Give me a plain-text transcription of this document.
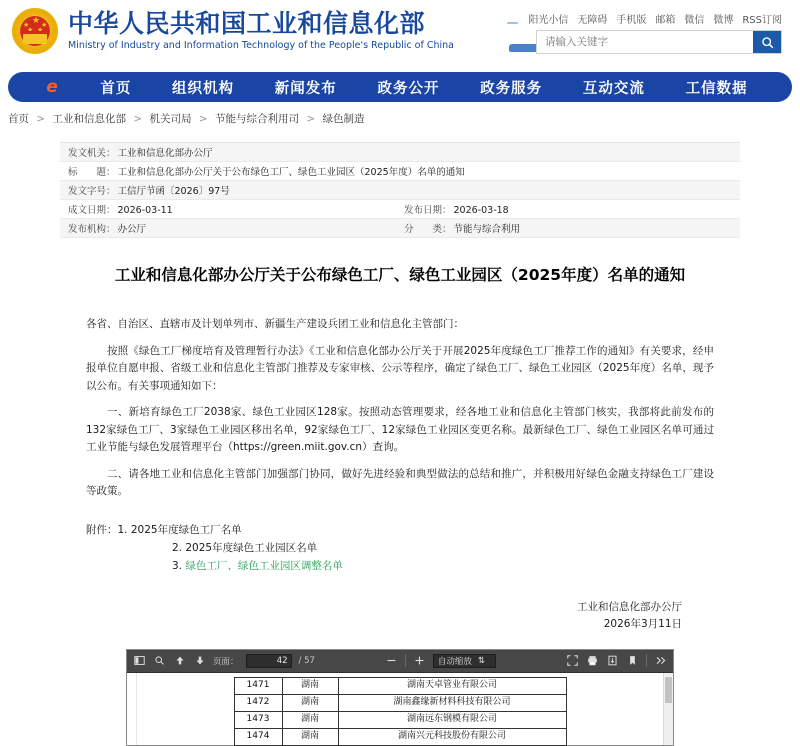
★
★ ★ 中华人民共和国工业和信息化部
Ministry of Industry and Information Technology of the People's Republic of China
阳光小信 无障碍 手机版 邮箱 微信 微博 RSS订阅
请输入关键字
e	首页	组织机构	新闻发布	政务公开	政务服务	互动交流	工信数据
首页 > 工业和信息化部 > 机关司局 > 节能与综合利用司 > 绿色制造
发文机关： 工业和信息化部办公厅
标　　题： 工业和信息化部办公厅关于公布绿色工厂、绿色工业园区（2025年度）名单的通知
发文字号： 工信厅节函〔2026〕97号
成文日期： 2026-03-11	发布日期： 2026-03-18
发布机构： 办公厅	分　　类： 节能与综合利用
工业和信息化部办公厅关于公布绿色工厂、绿色工业园区（2025年度）名单的通知

各省、自治区、直辖市及计划单列市、新疆生产建设兵团工业和信息化主管部门：

按照《绿色工厂梯度培育及管理暂行办法》《工业和信息化部办公厅关于开展2025年度绿色工厂推荐工作的通知》有关要求，经申报单位自愿申报、省级工业和信息化主管部门推荐及专家审核、公示等程序，确定了绿色工厂、绿色工业园区（2025年度）名单，现予以公布。有关事项通知如下：

一、新培育绿色工厂2038家、绿色工业园区128家。按照动态管理要求，经各地工业和信息化主管部门核实，我部将此前发布的132家绿色工厂、3家绿色工业园区移出名单，92家绿色工厂、12家绿色工业园区变更名称。最新绿色工厂、绿色工业园区名单可通过工业节能与绿色发展管理平台（https://green.miit.gov.cn）查询。

二、请各地工业和信息化主管部门加强部门协同，做好先进经验和典型做法的总结和推广，并积极用好绿色金融支持绿色工厂建设等政策。

附件：1. 2025年度绿色工厂名单
2. 2025年度绿色工业园区名单
3. 绿色工厂、绿色工业园区调整名单
工业和信息化部办公厅
2026年3月11日
页面：
42	/ 57	自动缩放 ⇅
1471	湖南	湖南天卓管业有限公司
1472	湖南	湖南鑫缘新材料科技有限公司
1473	湖南	湖南远东钢模有限公司
1474	湖南	湖南兴元科技股份有限公司
